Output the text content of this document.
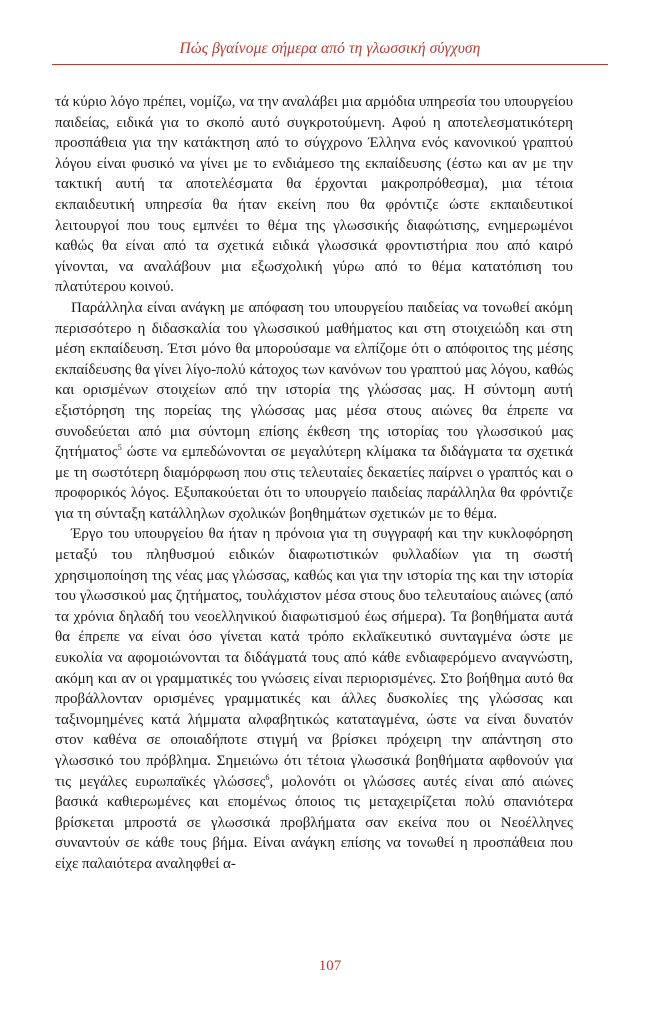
Πώς βγαίνομε σήμερα από τη γλωσσική σύγχυση

τά κύριο λόγο πρέπει, νομίζω, να την αναλάβει μια αρμόδια υπηρεσία του υπουργείου παιδείας, ειδικά για το σκοπό αυτό συγκροτούμενη. Αφού η αποτελεσματικότερη προσπάθεια για την κατάκτηση από το σύγχρονο Έλληνα ενός κανονικού γραπτού λόγου είναι φυσικό να γίνει με το ενδιάμεσο της εκπαίδευσης (έστω και αν με την τακτική αυτή τα αποτελέσματα θα έρχονται μακροπρόθεσμα), μια τέτοια εκπαιδευτική υπηρεσία θα ήταν εκείνη που θα φρόντιζε ώστε εκπαιδευτικοί λειτουργοί που τους εμπνέει το θέμα της γλωσσικής διαφώτισης, ενημερωμένοι καθώς θα είναι από τα σχετικά ειδικά γλωσσικά φροντιστήρια που από καιρό γίνονται, να αναλάβουν μια εξωσχολική γύρω από το θέμα κατατόπιση του πλατύτερου κοινού.

Παράλληλα είναι ανάγκη με απόφαση του υπουργείου παιδείας να τονωθεί ακόμη περισσότερο η διδασκαλία του γλωσσικού μαθήματος και στη στοιχειώδη και στη μέση εκπαίδευση. Έτσι μόνο θα μπορούσαμε να ελπίζομε ότι ο απόφοιτος της μέσης εκπαίδευσης θα γίνει λίγο-πολύ κάτοχος των κανόνων του γραπτού μας λόγου, καθώς και ορισμένων στοιχείων από την ιστορία της γλώσσας μας. Η σύντομη αυτή εξιστόρηση της πορείας της γλώσσας μας μέσα στους αιώνες θα έπρεπε να συνοδεύεται από μια σύντομη επίσης έκθεση της ιστορίας του γλωσσικού μας ζητήματος$^5$ ώστε να εμπεδώνονται σε μεγαλύτερη κλίμακα τα διδάγματα τα σχετικά με τη σωστότερη διαμόρφωση που στις τελευταίες δεκαετίες παίρνει ο γραπτός και ο προφορικός λόγος. Εξυπακούεται ότι το υπουργείο παιδείας παράλληλα θα φρόντιζε για τη σύνταξη κατάλληλων σχολικών βοηθημάτων σχετικών με το θέμα.

Έργο του υπουργείου θα ήταν η πρόνοια για τη συγγραφή και την κυκλοφόρηση μεταξύ του πληθυσμού ειδικών διαφωτιστικών φυλλαδίων για τη σωστή χρησιμοποίηση της νέας μας γλώσσας, καθώς και για την ιστορία της και την ιστορία του γλωσσικού μας ζητήματος, τουλάχιστον μέσα στους δυο τελευταίους αιώνες (από τα χρόνια δηλαδή του νεοελληνικού διαφωτισμού έως σήμερα). Τα βοηθήματα αυτά θα έπρεπε να είναι όσο γίνεται κατά τρόπο εκλαϊκευτικό συνταγμένα ώστε με ευκολία να αφομοιώνονται τα διδάγματά τους από κάθε ενδιαφερόμενο αναγνώστη, ακόμη και αν οι γραμματικές του γνώσεις είναι περιορισμένες. Στο βοήθημα αυτό θα προβάλλονταν ορισμένες γραμματικές και άλλες δυσκολίες της γλώσσας και ταξινομημένες κατά λήμματα αλφαβητικώς καταταγμένα, ώστε να είναι δυνατόν στον καθένα σε οποιαδήποτε στιγμή να βρίσκει πρόχειρη την απάντηση στο γλωσσικό του πρόβλημα. Σημειώνω ότι τέτοια γλωσσικά βοηθήματα αφθονούν για τις μεγάλες ευρωπαϊκές γλώσσες$^6$, μολονότι οι γλώσσες αυτές είναι από αιώνες βασικά καθιερωμένες και επομένως όποιος τις μεταχειρίζεται πολύ σπανιότερα βρίσκεται μπροστά σε γλωσσικά προβλήματα σαν εκείνα που οι Νεοέλληνες συναντούν σε κάθε τους βήμα. Είναι ανάγκη επίσης να τονωθεί η προσπάθεια που είχε παλαιότερα αναληφθεί α-

107
